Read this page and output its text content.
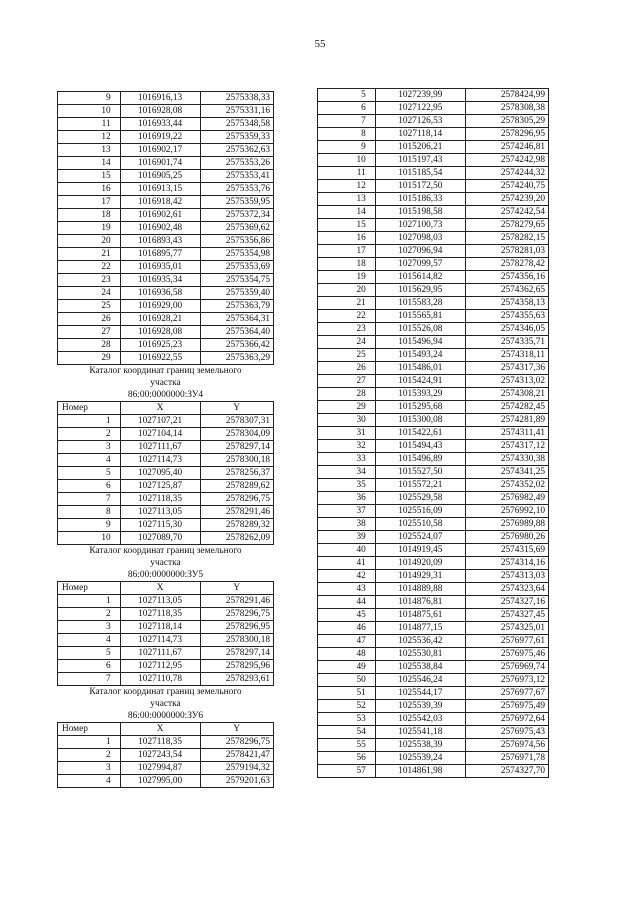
55
9	1016916,13	2575338,33
10	1016928,08	2575331,16
11	1016933,44	2575348,58
12	1016919,22	2575359,33
13	1016902,17	2575362,63
14	1016901,74	2575353,26
15	1016905,25	2575353,41
16	1016913,15	2575353,76
17	1016918,42	2575359,95
18	1016902,61	2575372,34
19	1016902,48	2575369,62
20	1016893,43	2575356,86
21	1016895,77	2575354,98
22	1016935,01	2575353,69
23	1016935,34	2575354,75
24	1016936,58	2575359,40
25	1016929,00	2575363,79
26	1016928,21	2575364,31
27	1016928,08	2575364,40
28	1016925,23	2575366,42
29	1016922,55	2575363,29
Каталог координат границ земельного
участка
86:00:0000000:ЗУ4
Номер	X	Y
1	1027107,21	2578307,31
2	1027104,14	2578304,09
3	1027111,67	2578297,14
4	1027114,73	2578300,18
5	1027095,40	2578256,37
6	1027125,87	2578289,62
7	1027118,35	2578296,75
8	1027113,05	2578291,46
9	1027115,30	2578289,32
10	1027089,70	2578262,09
Каталог координат границ земельного
участка
86:00:0000000:ЗУ5
Номер	X	Y
1	1027113,05	2578291,46
2	1027118,35	2578296,75
3	1027118,14	2578296,95
4	1027114,73	2578300,18
5	1027111,67	2578297,14
6	1027112,95	2578295,96
7	1027110,78	2578293,61
Каталог координат границ земельного
участка
86:00:0000000:ЗУ6
Номер	X	Y
1	1027118,35	2578296,75
2	1027243,54	2578421,47
3	1027994,87	2579194,32
4	1027995,00	2579201,63
5	1027239,99	2578424,99
6	1027122,95	2578308,38
7	1027126,53	2578305,29
8	1027118,14	2578296,95
9	1015206,21	2574246,81
10	1015197,43	2574242,98
11	1015185,54	2574244,32
12	1015172,50	2574240,75
13	1015186,33	2574239,20
14	1015198,58	2574242,54
15	1027100,73	2578279,65
16	1027098,03	2578282,15
17	1027096,94	2578281,03
18	1027099,57	2578278,42
19	1015614,82	2574356,16
20	1015629,95	2574362,65
21	1015583,28	2574358,13
22	1015565,81	2574355,63
23	1015526,08	2574346,05
24	1015496,94	2574335,71
25	1015493,24	2574318,11
26	1015486,01	2574317,36
27	1015424,91	2574313,02
28	1015393,29	2574308,21
29	1015295,68	2574282,45
30	1015300,08	2574281,89
31	1015422,61	2574311,41
32	1015494,43	2574317,12
33	1015496,89	2574330,38
34	1015527,50	2574341,25
35	1015572,21	2574352,02
36	1025529,58	2576982,49
37	1025516,09	2576992,10
38	1025510,58	2576989,88
39	1025524,07	2576980,26
40	1014919,45	2574315,69
41	1014920,09	2574314,16
42	1014929,31	2574313,03
43	1014889,88	2574323,64
44	1014876,81	2574327,16
45	1014875,61	2574327,45
46	1014877,15	2574325,01
47	1025536,42	2576977,61
48	1025530,81	2576975,46
49	1025538,84	2576969,74
50	1025546,24	2576973,12
51	1025544,17	2576977,67
52	1025539,39	2576975,49
53	1025542,03	2576972,64
54	1025541,18	2576975,43
55	1025538,39	2576974,56
56	1025539,24	2576971,78
57	1014861,98	2574327,70
